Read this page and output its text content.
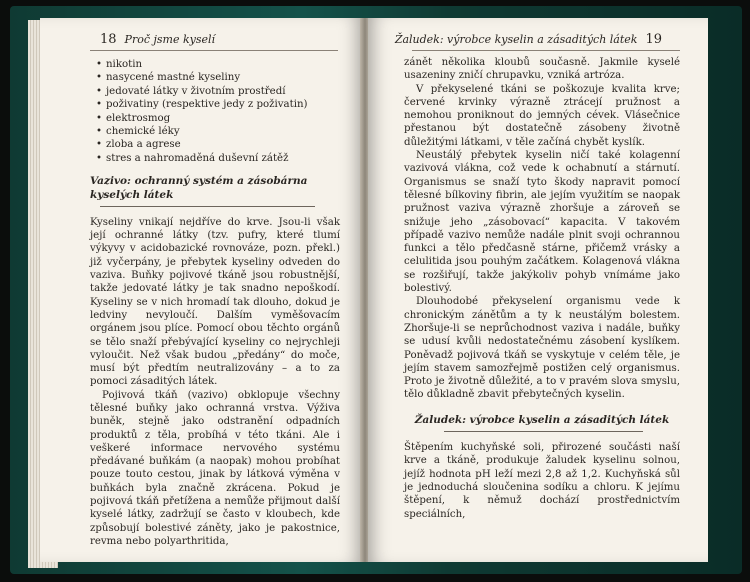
18 Proč jsme kyselí
• nikotin
• nasycené mastné kyseliny
• jedovaté látky v životním prostředí
• poživatiny (respektive jedy z poživatin)
• elektrosmog
• chemické léky
• zloba a agrese
• stres a nahromaděná duševní zátěž
Vazivo: ochranný systém a zásobárna kyselých látek

Kyseliny vnikají nejdříve do krve. Jsou-li však její ochranné látky (tzv. pufry, které tlumí výkyvy v acidobazické rovnováze, pozn. překl.) již vyčerpány, je přebytek kyseliny odveden do vaziva. Buňky pojivové tkáně jsou robustnější, takže jedovaté látky je tak snadno nepoškodí. Kyseliny se v nich hromadí tak dlouho, dokud je ledviny nevyloučí. Dalším vyměšovacím orgánem jsou plíce. Pomocí obou těchto orgánů se tělo snaží přebývající kyseliny co nejrychleji vyloučit. Než však budou „předány“ do moče, musí být předtím neutralizovány – a to za pomoci zásaditých látek.

Pojivová tkáň (vazivo) obklopuje všechny tělesné buňky jako ochranná vrstva. Výživa buněk, stejně jako odstranění odpadních produktů z těla, probíhá v této tkáni. Ale i veškeré informace nervového systému předávané buňkám (a naopak) mohou probíhat pouze touto cestou, jinak by látková výměna v buňkách byla značně zkrácena. Pokud je pojivová tkáň přetížena a nemůže přijmout další kyselé látky, zadržují se často v kloubech, kde způsobují bolestivé záněty, jako je pakostnice, revma nebo polyarthritida,

Žaludek: výrobce kyselin a zásaditých látek 19

zánět několika kloubů současně. Jakmile kyselé usazeniny zničí chrupavku, vzniká artróza.

V překyselené tkáni se poškozuje kvalita krve; červené krvinky výrazně ztrácejí pružnost a nemohou proniknout do jemných cévek. Vlásečnice přestanou být dostatečně zásobeny životně důležitými látkami, v těle začíná chybět kyslík.

Neustálý přebytek kyselin ničí také kolagenní vazivová vlákna, což vede k ochabnutí a stárnutí. Organismus se snaží tyto škody napravit pomocí tělesné bílkoviny fibrin, ale jejím využitím se naopak pružnost vaziva výrazně zhoršuje a zároveň se snižuje jeho „zásobovací“ kapacita. V takovém případě vazivo nemůže nadále plnit svoji ochrannou funkci a tělo předčasně stárne, přičemž vrásky a celulitida jsou pouhým začátkem. Kolagenová vlákna se rozšiřují, takže jakýkoliv pohyb vnímáme jako bolestivý.

Dlouhodobé překyselení organismu vede k chronickým zánětům a ty k neustálým bolestem. Zhoršuje-li se neprůchodnost vaziva i nadále, buňky se udusí kvůli nedostatečnému zásobení kyslíkem. Poněvadž pojivová tkáň se vyskytuje v celém těle, je jejím stavem samozřejmě postižen celý organismus. Proto je životně důležité, a to v pravém slova smyslu, tělo důkladně zbavit přebytečných kyselin.

Žaludek: výrobce kyselin a zásaditých látek

Štěpením kuchyňské soli, přirozené součásti naší krve a tkáně, produkuje žaludek kyselinu solnou, jejíž hodnota pH leží mezi 2,8 až 1,2. Kuchyňská sůl je jednoduchá sloučenina sodíku a chloru. K jejímu štěpení, k němuž dochází prostřednictvím speciálních,
